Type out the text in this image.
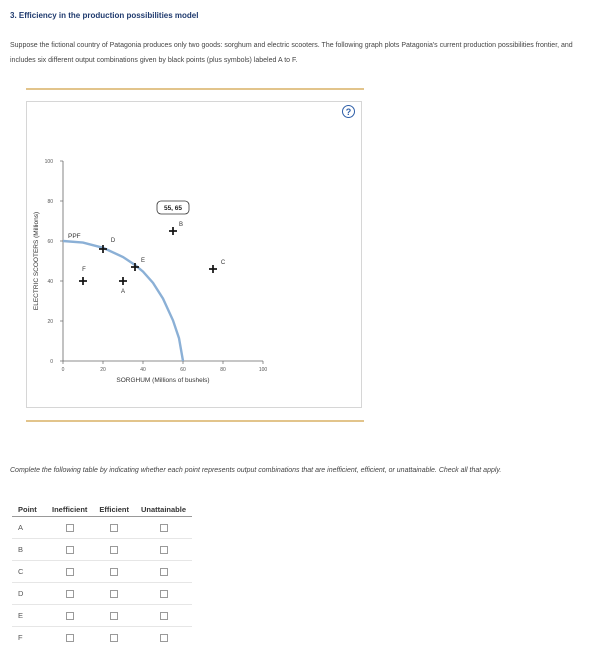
3. Efficiency in the production possibilities model
Suppose the fictional country of Patagonia produces only two goods: sorghum and electric scooters. The following graph plots Patagonia's current production possibilities frontier, and includes six different output combinations given by black points (plus symbols) labeled A to F.
?
0	20	40	60	80	100
0
20
40
60
80
100
SORGHUM (Millions of bushels)
ELECTRIC SCOOTERS (Millions)	PPF
A
B
C
D
E
F
55, 65
Complete the following table by indicating whether each point represents output combinations that are inefficient, efficient, or unattainable. Check all that apply.
Point	Inefficient	Efficient	Unattainable
A			
B			
C			
D			
E			
F			
